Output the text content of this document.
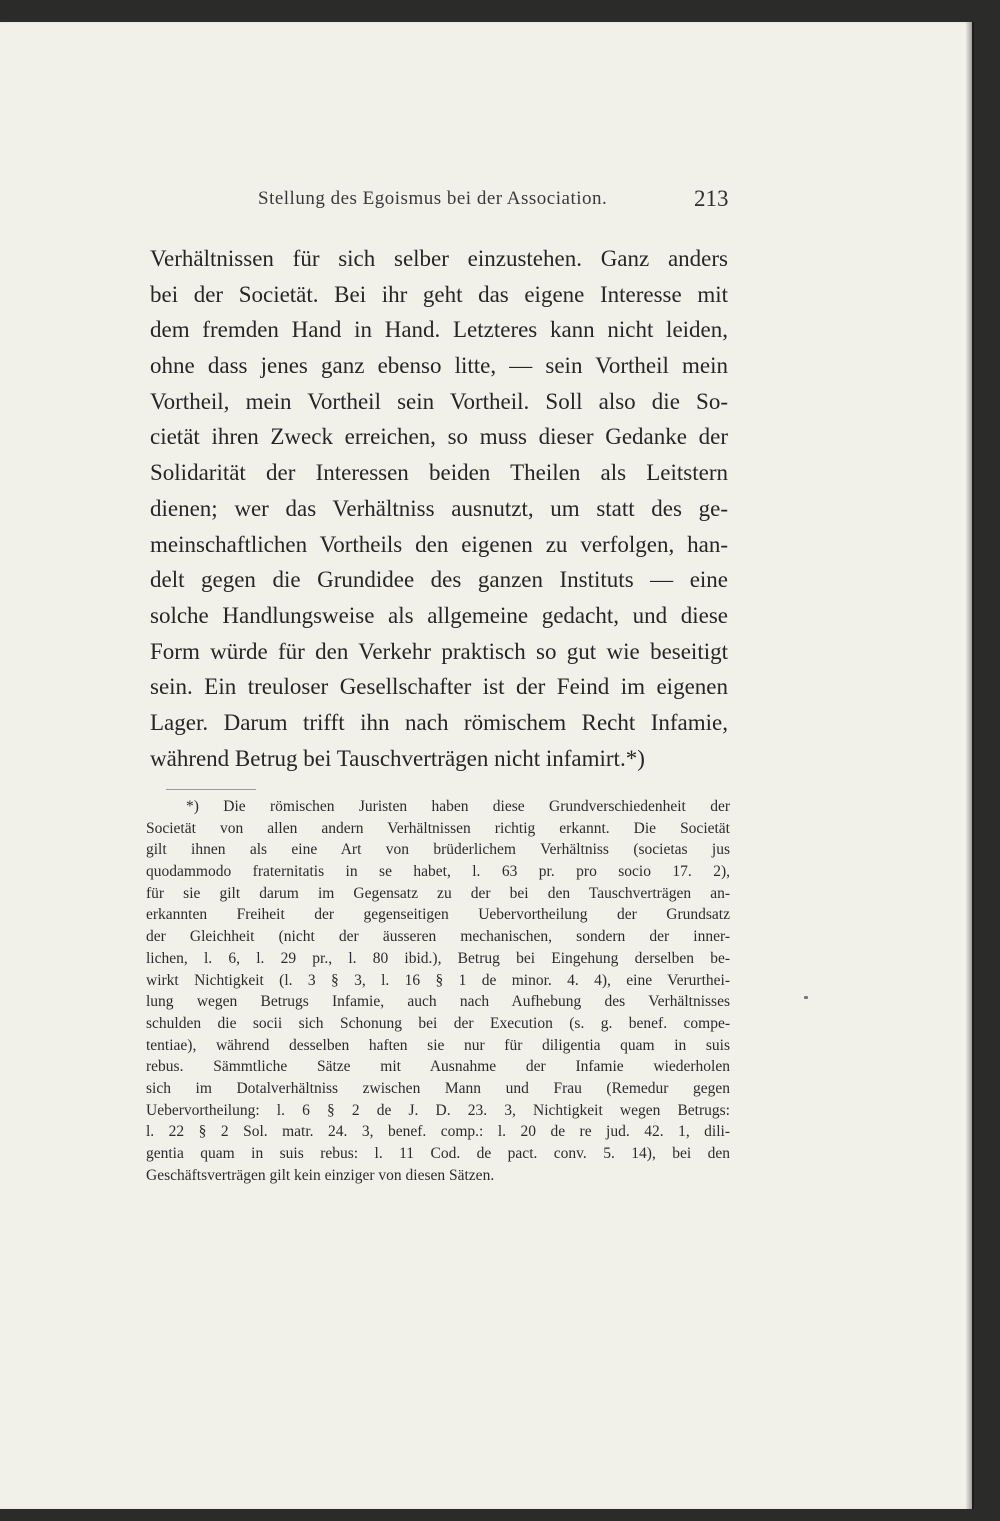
Stellung des Egoismus bei der Association.	213
Verhältnissen für sich selber einzustehen. Ganz anders
bei der Societät. Bei ihr geht das eigene Interesse mit
dem fremden Hand in Hand. Letzteres kann nicht leiden,
ohne dass jenes ganz ebenso litte, — sein Vortheil mein
Vortheil, mein Vortheil sein Vortheil. Soll also die So-
cietät ihren Zweck erreichen, so muss dieser Gedanke der
Solidarität der Interessen beiden Theilen als Leitstern
dienen; wer das Verhältniss ausnutzt, um statt des ge-
meinschaftlichen Vortheils den eigenen zu verfolgen, han-
delt gegen die Grundidee des ganzen Instituts — eine
solche Handlungsweise als allgemeine gedacht, und diese
Form würde für den Verkehr praktisch so gut wie beseitigt
sein. Ein treuloser Gesellschafter ist der Feind im eigenen
Lager. Darum trifft ihn nach römischem Recht Infamie,
während Betrug bei Tauschverträgen nicht infamirt.*)
*) Die römischen Juristen haben diese Grundverschiedenheit der
Societät von allen andern Verhältnissen richtig erkannt. Die Societät
gilt ihnen als eine Art von brüderlichem Verhältniss (societas jus
quodammodo fraternitatis in se habet, l. 63 pr. pro socio 17. 2),
für sie gilt darum im Gegensatz zu der bei den Tauschverträgen an-
erkannten Freiheit der gegenseitigen Uebervortheilung der Grundsatz
der Gleichheit (nicht der äusseren mechanischen, sondern der inner-
lichen, l. 6, l. 29 pr., l. 80 ibid.), Betrug bei Eingehung derselben be-
wirkt Nichtigkeit (l. 3 § 3, l. 16 § 1 de minor. 4. 4), eine Verurthei-
lung wegen Betrugs Infamie, auch nach Aufhebung des Verhältnisses
schulden die socii sich Schonung bei der Execution (s. g. benef. compe-
tentiae), während desselben haften sie nur für diligentia quam in suis
rebus. Sämmtliche Sätze mit Ausnahme der Infamie wiederholen
sich im Dotalverhältniss zwischen Mann und Frau (Remedur gegen
Uebervortheilung: l. 6 § 2 de J. D. 23. 3, Nichtigkeit wegen Betrugs:
l. 22 § 2 Sol. matr. 24. 3, benef. comp.: l. 20 de re jud. 42. 1, dili-
gentia quam in suis rebus: l. 11 Cod. de pact. conv. 5. 14), bei den
Geschäftsverträgen gilt kein einziger von diesen Sätzen.
